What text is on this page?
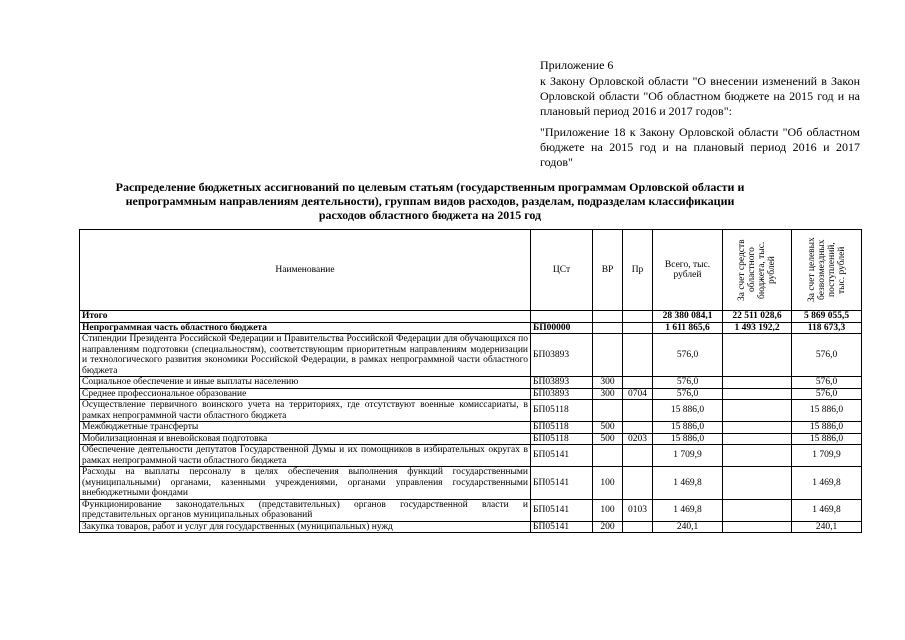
Приложение 6

к Закону Орловской области "О внесении изменений в Закон Орловской области "Об областном бюджете на 2015 год и на плановый период 2016 и 2017 годов":

"Приложение 18 к Закону Орловской области "Об областном бюджете на 2015 год и на плановый период 2016 и 2017 годов"

Распределение бюджетных ассигнований по целевым статьям (государственным программам Орловской области и непрограммным направлениям деятельности), группам видов расходов, разделам, подразделам классификации расходов областного бюджета на 2015 год
Наименование	ЦСт	ВР	Пр	Всего, тыс. рублей	За счет средств областного бюджета, тыс. рублей	За счет целевых безвозмездных поступлений, тыс. рублей

Итого				28 380 084,1	22 511 028,6	5 869 055,5
Непрограммная часть областного бюджета	БП00000			1 611 865,6	1 493 192,2	118 673,3
Стипендии Президента Российской Федерации и Правительства Российской Федерации для обучающихся по направлениям подготовки (специальностям), соответствующим приоритетным направлениям модернизации и технологического развития экономики Российской Федерации, в рамках непрограммной части областного бюджета	БП03893			576,0		576,0
Социальное обеспечение и иные выплаты населению	БП03893	300		576,0		576,0
Среднее профессиональное образование	БП03893	300	0704	576,0		576,0
Осуществление первичного воинского учета на территориях, где отсутствуют военные комиссариаты, в рамках непрограммной части областного бюджета	БП05118			15 886,0		15 886,0
Межбюджетные трансферты	БП05118	500		15 886,0		15 886,0
Мобилизационная и вневойсковая подготовка	БП05118	500	0203	15 886,0		15 886,0
Обеспечение деятельности депутатов Государственной Думы и их помощников в избирательных округах в рамках непрограммной части областного бюджета	БП05141			1 709,9		1 709,9
Расходы на выплаты персоналу в целях обеспечения выполнения функций государственными (муниципальными) органами, казенными учреждениями, органами управления государственными внебюджетными фондами	БП05141	100		1 469,8		1 469,8
Функционирование законодательных (представительных) органов государственной власти и представительных органов муниципальных образований	БП05141	100	0103	1 469,8		1 469,8
Закупка товаров, работ и услуг для государственных (муниципальных) нужд	БП05141	200		240,1		240,1
